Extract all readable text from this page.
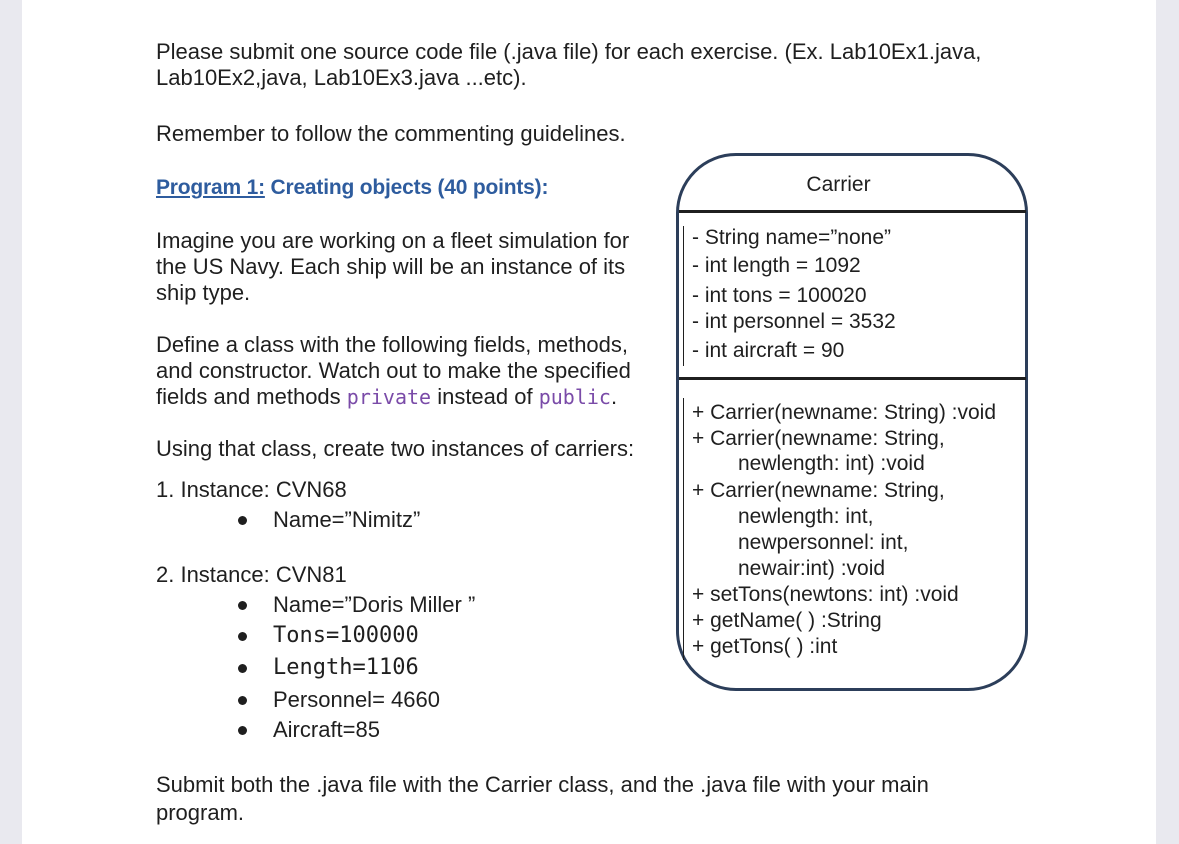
Please submit one source code file (.java file) for each exercise. (Ex. Lab10Ex1.java,
Lab10Ex2,java, Lab10Ex3.java ...etc).
Remember to follow the commenting guidelines.
Program 1: Creating objects (40 points):
Imagine you are working on a fleet simulation for
the US Navy. Each ship will be an instance of its
ship type.
Define a class with the following fields, methods,
and constructor. Watch out to make the specified
fields and methods private instead of public.
Using that class, create two instances of carriers:
1. Instance: CVN68
Name=”Nimitz”
2. Instance: CVN81
Name=”Doris Miller ”
Tons=100000
Length=1106
Personnel= 4660
Aircraft=85
Carrier
- String name=”none”
- int length = 1092
- int tons = 100020
- int personnel = 3532
- int aircraft = 90
+ Carrier(newname: String) :void
+ Carrier(newname: String,
newlength: int) :void
+ Carrier(newname: String,
newlength: int,
newpersonnel: int,
newair:int) :void
+ setTons(newtons: int) :void
+ getName( ) :String
+ getTons( ) :int
Submit both the .java file with the Carrier class, and the .java file with your main
program.
